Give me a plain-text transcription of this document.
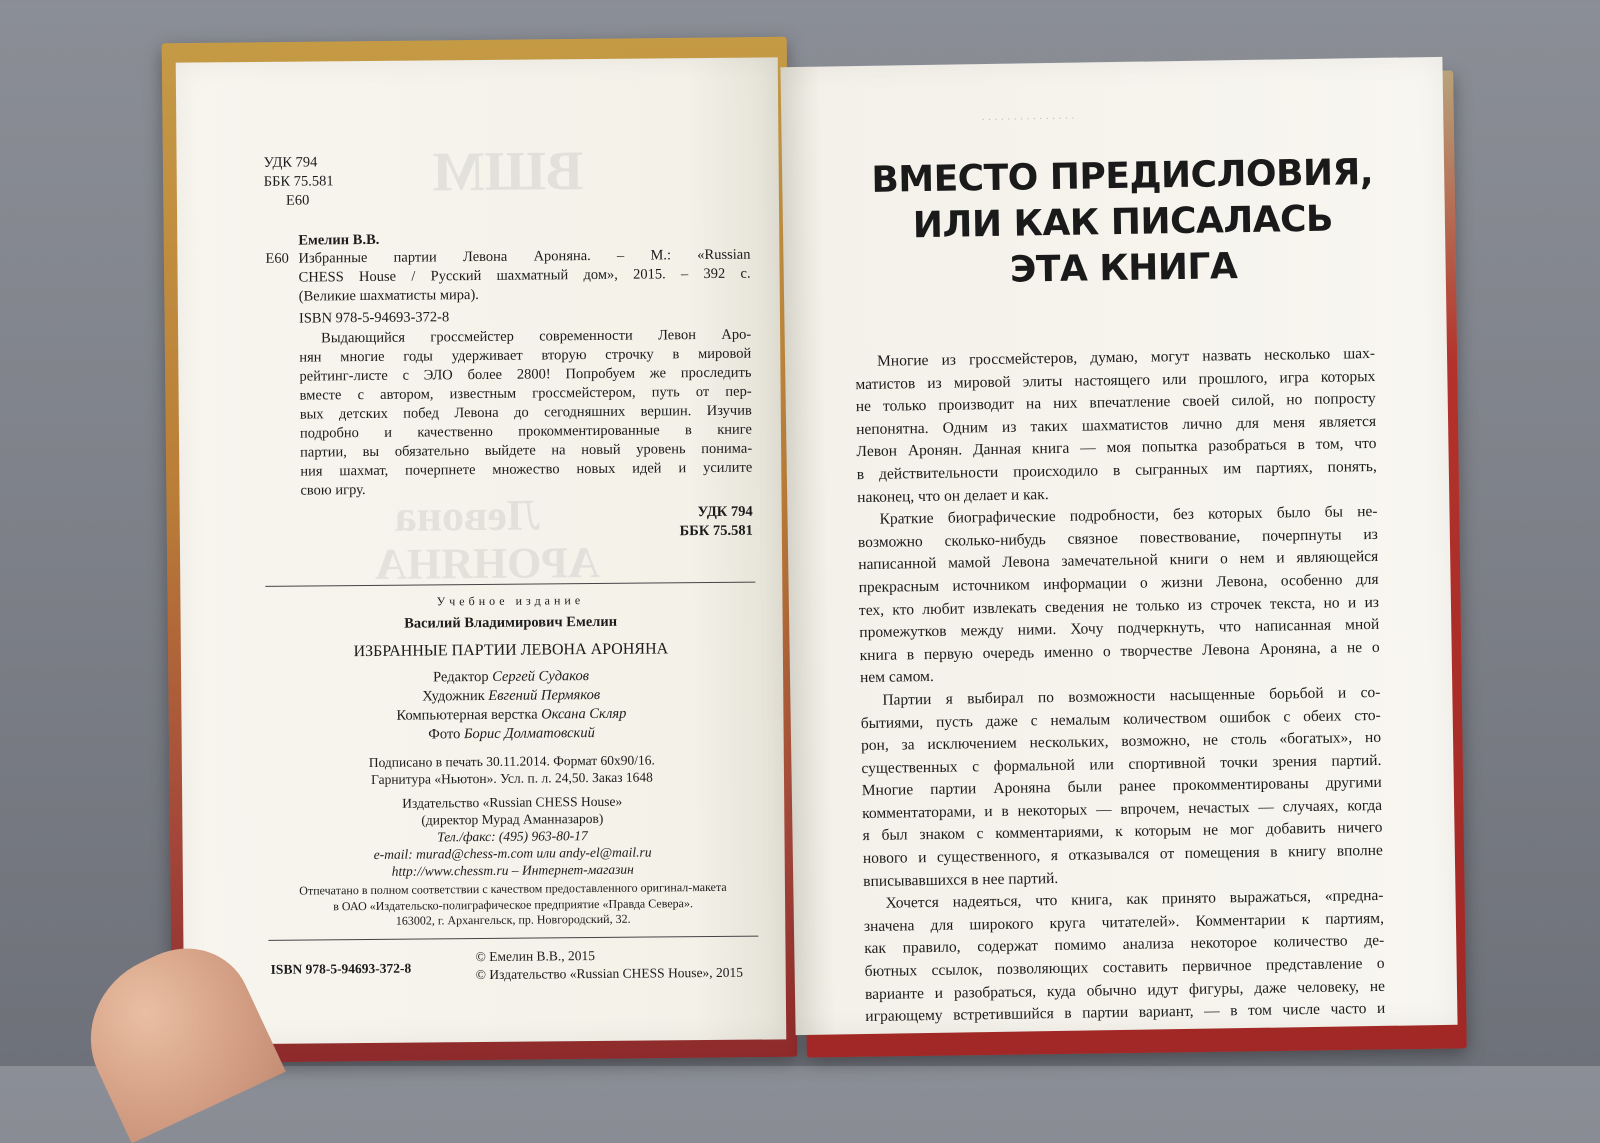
ВШМ
УДК 794
ББК 75.581
Е60
Емелин В.В.
Е60 Избранные партии Левона Ароняна. – М.: «Russian
CHESS House / Русский шахматный дом», 2015. – 392 с.
(Великие шахматисты мира).
ISBN 978-5-94693-372-8
Выдающийся гроссмейстер современности Левон Аро-
нян многие годы удерживает вторую строчку в мировой
рейтинг-листе с ЭЛО более 2800! Попробуем же проследить
вместе с автором, известным гроссмейстером, путь от пер-
вых детских побед Левона до сегодняшних вершин. Изучив
подробно и качественно прокомментированные в книге
партии, вы обязательно выйдете на новый уровень понима-
ния шахмат, почерпнете множество новых идей и усилите
свою игру.
УДК 794
ББК 75.581
Левона
АРОНЯНА
Учебное издание
Василий Владимирович Емелин
ИЗБРАННЫЕ ПАРТИИ ЛЕВОНА АРОНЯНА
Редактор Сергей Судаков
Художник Евгений Пермяков
Компьютерная верстка Оксана Скляр
Фото Борис Долматовский
Подписано в печать 30.11.2014. Формат 60х90/16.
Гарнитура «Ньютон». Усл. п. л. 24,50. Заказ 1648
Издательство «Russian CHESS House»
(директор Мурад Аманназаров)
Тел./факс: (495) 963-80-17
e-mail: murad@chess-m.com или andy-el@mail.ru
http://www.chessm.ru – Интернет-магазин
Отпечатано в полном соответствии с качеством предоставленного оригинал-макета
в ОАО «Издательско-полиграфическое предприятие «Правда Севера».
163002, г. Архангельск, пр. Новгородский, 32.
ISBN 978-5-94693-372-8
© Емелин В.В., 2015
© Издательство «Russian CHESS House», 2015
· · · · · · · · · · · · · · ·
ВМЕСТО ПРЕДИСЛОВИЯ,
ИЛИ КАК ПИСАЛАСЬ
ЭТА КНИГА
Многие из гроссмейстеров, думаю, могут назвать несколько шах-
матистов из мировой элиты настоящего или прошлого, игра которых
не только производит на них впечатление своей силой, но попросту
непонятна. Одним из таких шахматистов лично для меня является
Левон Аронян. Данная книга — моя попытка разобраться в том, что
в действительности происходило в сыгранных им партиях, понять,
наконец, что он делает и как.
Краткие биографические подробности, без которых было бы не-
возможно сколько-нибудь связное повествование, почерпнуты из
написанной мамой Левона замечательной книги о нем и являющейся
прекрасным источником информации о жизни Левона, особенно для
тех, кто любит извлекать сведения не только из строчек текста, но и из
промежутков между ними. Хочу подчеркнуть, что написанная мной
книга в первую очередь именно о творчестве Левона Ароняна, а не о
нем самом.
Партии я выбирал по возможности насыщенные борьбой и со-
бытиями, пусть даже с немалым количеством ошибок с обеих сто-
рон, за исключением нескольких, возможно, не столь «богатых», но
существенных с формальной или спортивной точки зрения партий.
Многие партии Ароняна были ранее прокомментированы другими
комментаторами, и в некоторых — впрочем, нечастых — случаях, когда
я был знаком с комментариями, к которым не мог добавить ничего
нового и существенного, я отказывался от помещения в книгу вполне
вписывавшихся в нее партий.
Хочется надеяться, что книга, как принято выражаться, «предна-
значена для широкого круга читателей». Комментарии к партиям,
как правило, содержат помимо анализа некоторое количество де-
бютных ссылок, позволяющих составить первичное представление о
варианте и разобраться, куда обычно идут фигуры, даже человеку, не
играющему встретившийся в партии вариант, — в том числе часто и
